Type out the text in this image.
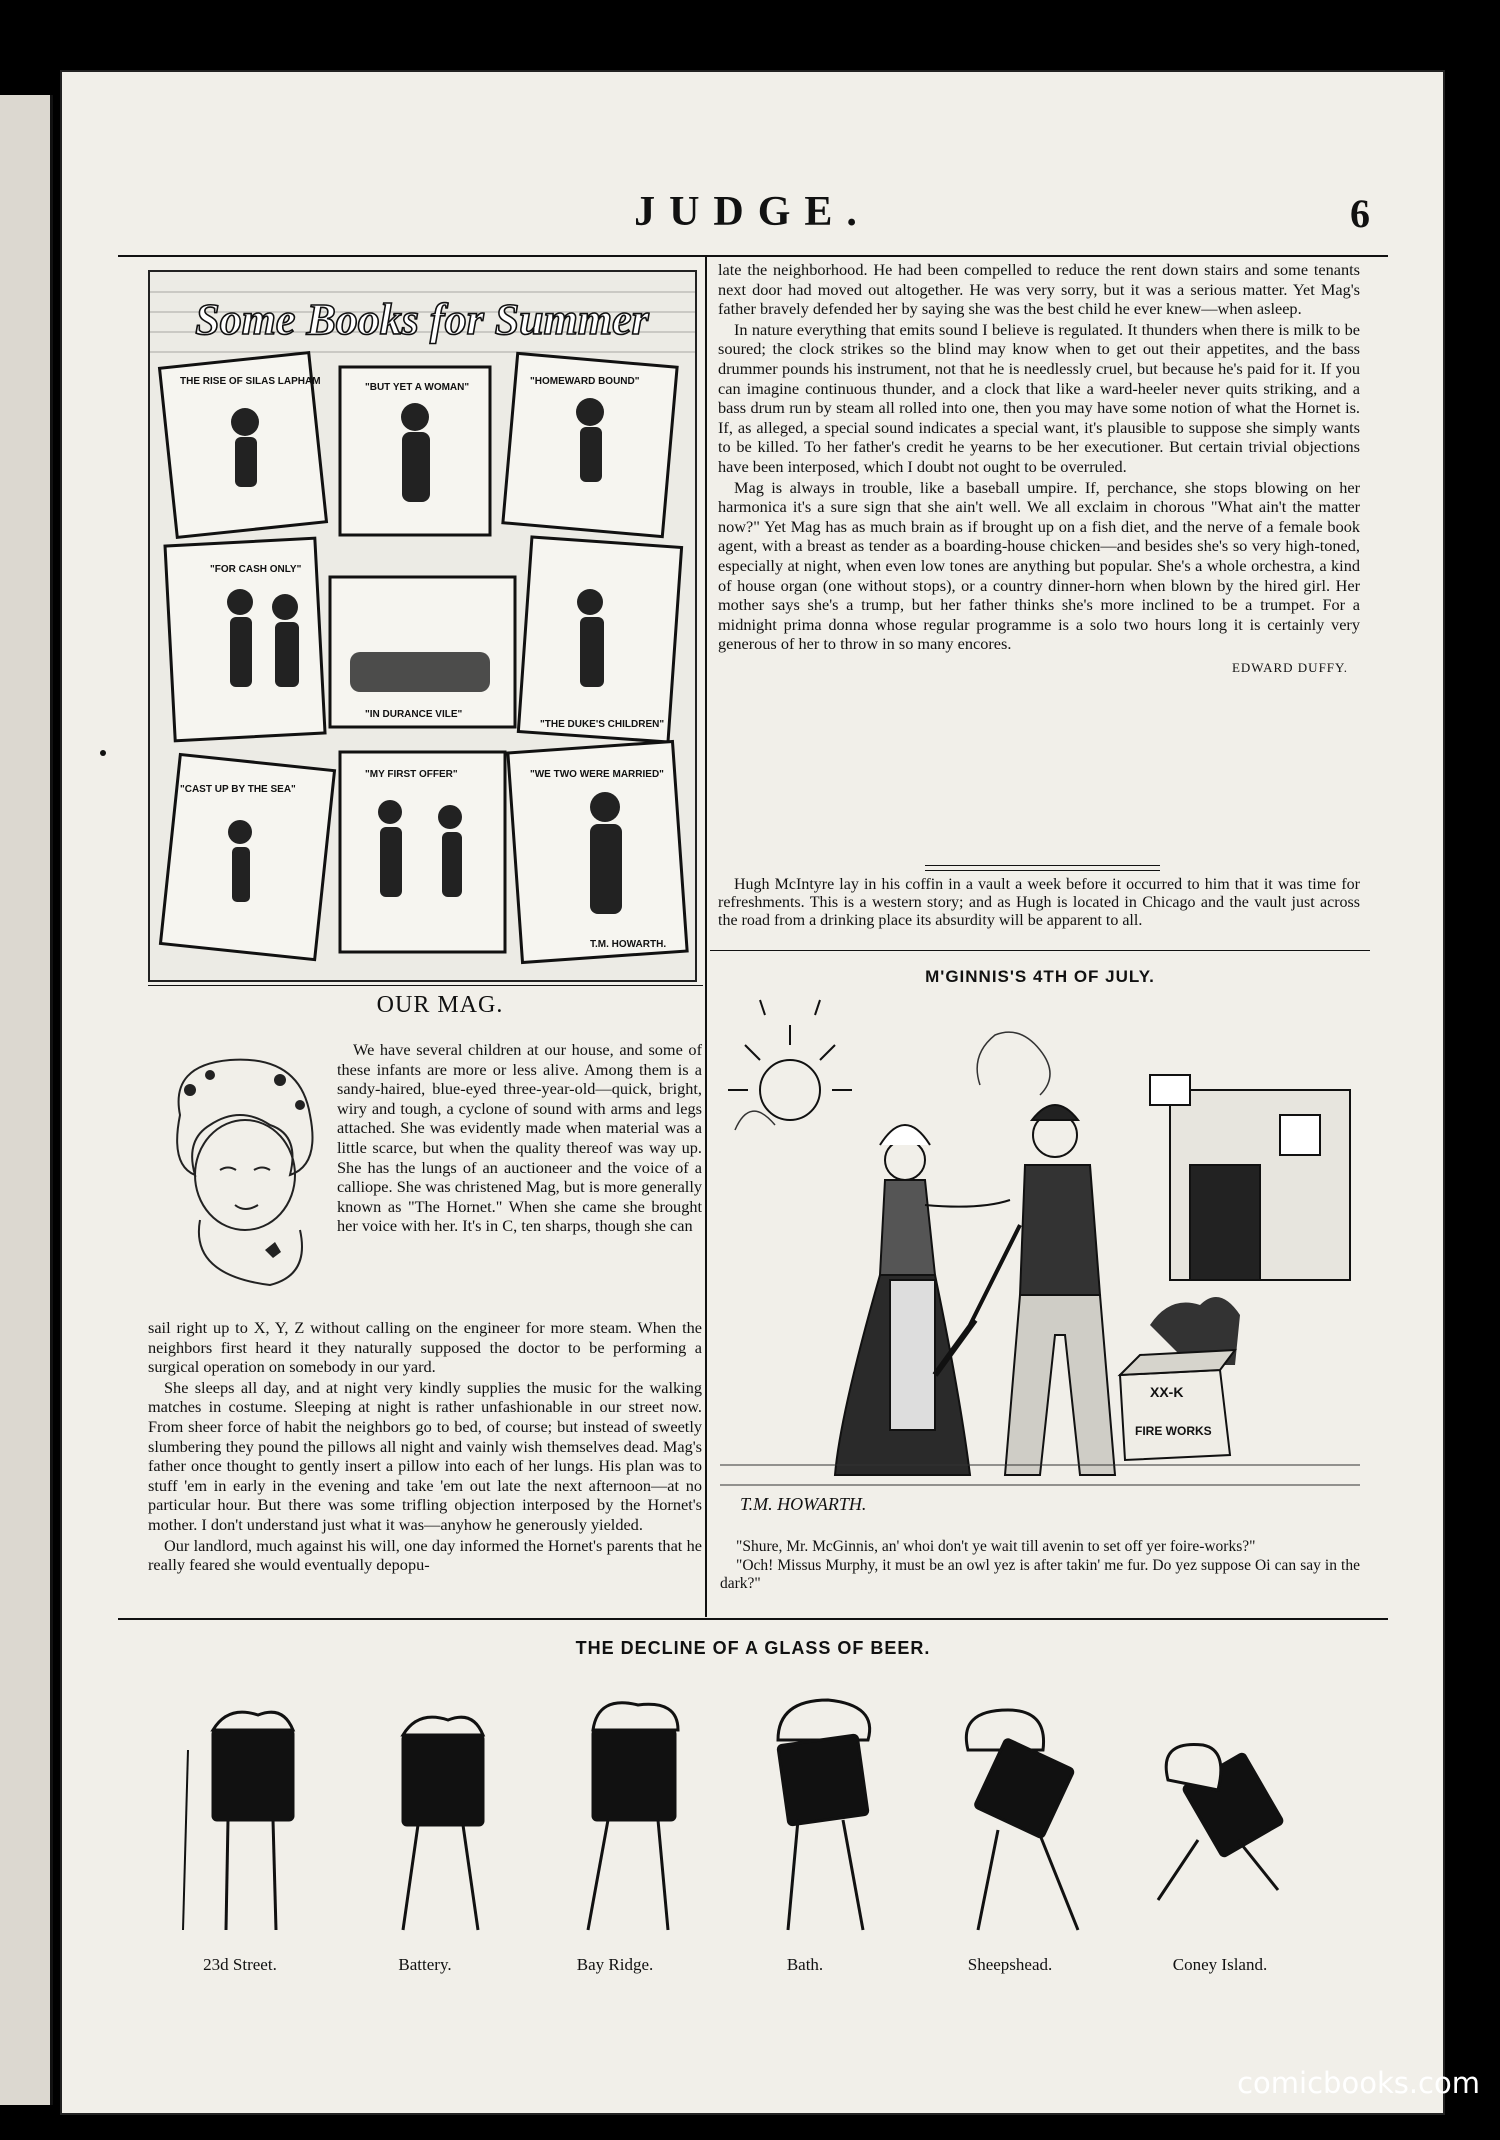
JUDGE.	6
Some Books for Summer
THE RISE OF SILAS LAPHAM
"BUT YET A WOMAN"
"HOMEWARD BOUND"
"FOR CASH ONLY"
"IN DURANCE VILE"
"THE DUKE'S CHILDREN"
"CAST UP BY THE SEA"
"MY FIRST OFFER"	"WE TWO WERE MARRIED"
T.M. HOWARTH.
OUR MAG.

We have several children at our house, and some of these infants are more or less alive. Among them is a sandy-haired, blue-eyed three-year-old—quick, bright, wiry and tough, a cyclone of sound with arms and legs attached. She was evidently made when material was a little scarce, but when the quality thereof was way up. She has the lungs of an auctioneer and the voice of a calliope. She was christened Mag, but is more generally known as "The Hornet." When she came she brought her voice with her. It's in C, ten sharps, though she can

sail right up to X, Y, Z without calling on the engineer for more steam. When the neighbors first heard it they naturally supposed the doctor to be performing a surgical operation on somebody in our yard.

She sleeps all day, and at night very kindly supplies the music for the walking matches in costume. Sleeping at night is rather unfashionable in our street now. From sheer force of habit the neighbors go to bed, of course; but instead of sweetly slumbering they pound the pillows all night and vainly wish themselves dead. Mag's father once thought to gently insert a pillow into each of her lungs. His plan was to stuff 'em in early in the evening and take 'em out late the next afternoon—at no particular hour. But there was some trifling objection interposed by the Hornet's mother. I don't understand just what it was—anyhow he generously yielded.

Our landlord, much against his will, one day informed the Hornet's parents that he really feared she would eventually depopu-

late the neighborhood. He had been compelled to reduce the rent down stairs and some tenants next door had moved out altogether. He was very sorry, but it was a serious matter. Yet Mag's father bravely defended her by saying she was the best child he ever knew—when asleep.

In nature everything that emits sound I believe is regulated. It thunders when there is milk to be soured; the clock strikes so the blind may know when to get out their appetites, and the bass drummer pounds his instrument, not that he is needlessly cruel, but because he's paid for it. If you can imagine continuous thunder, and a clock that like a ward-heeler never quits striking, and a bass drum run by steam all rolled into one, then you may have some notion of what the Hornet is. If, as alleged, a special sound indicates a special want, it's plausible to suppose she simply wants to be killed. To her father's credit he yearns to be her executioner. But certain trivial objections have been interposed, which I doubt not ought to be overruled.

Mag is always in trouble, like a baseball umpire. If, perchance, she stops blowing on her harmonica it's a sure sign that she ain't well. We all exclaim in chorous "What ain't the matter now?" Yet Mag has as much brain as if brought up on a fish diet, and the nerve of a female book agent, with a breast as tender as a boarding-house chicken—and besides she's so very high-toned, especially at night, when even low tones are anything but popular. She's a whole orchestra, a kind of house organ (one without stops), or a country dinner-horn when blown by the hired girl. Her mother says she's a trump, but her father thinks she's more inclined to be a trumpet. For a midnight prima donna whose regular programme is a solo two hours long it is certainly very generous of her to throw in so many encores.

EDWARD DUFFY.

Hugh McIntyre lay in his coffin in a vault a week before it occurred to him that it was time for refreshments. This is a western story; and as Hugh is located in Chicago and the vault just across the road from a drinking place its absurdity will be apparent to all.

M'GINNIS'S 4TH OF JULY.
XX-K
FIRE WORKS
T.M. HOWARTH.

"Shure, Mr. McGinnis, an' whoi don't ye wait till avenin to set off yer foire-works?"

"Och! Missus Murphy, it must be an owl yez is after takin' me fur. Do yez suppose Oi can say in the dark?"

THE DECLINE OF A GLASS OF BEER.
23d Street.	Battery.	Bay Ridge.	Bath.	Sheepshead.	Coney Island.
comicbooks.com
